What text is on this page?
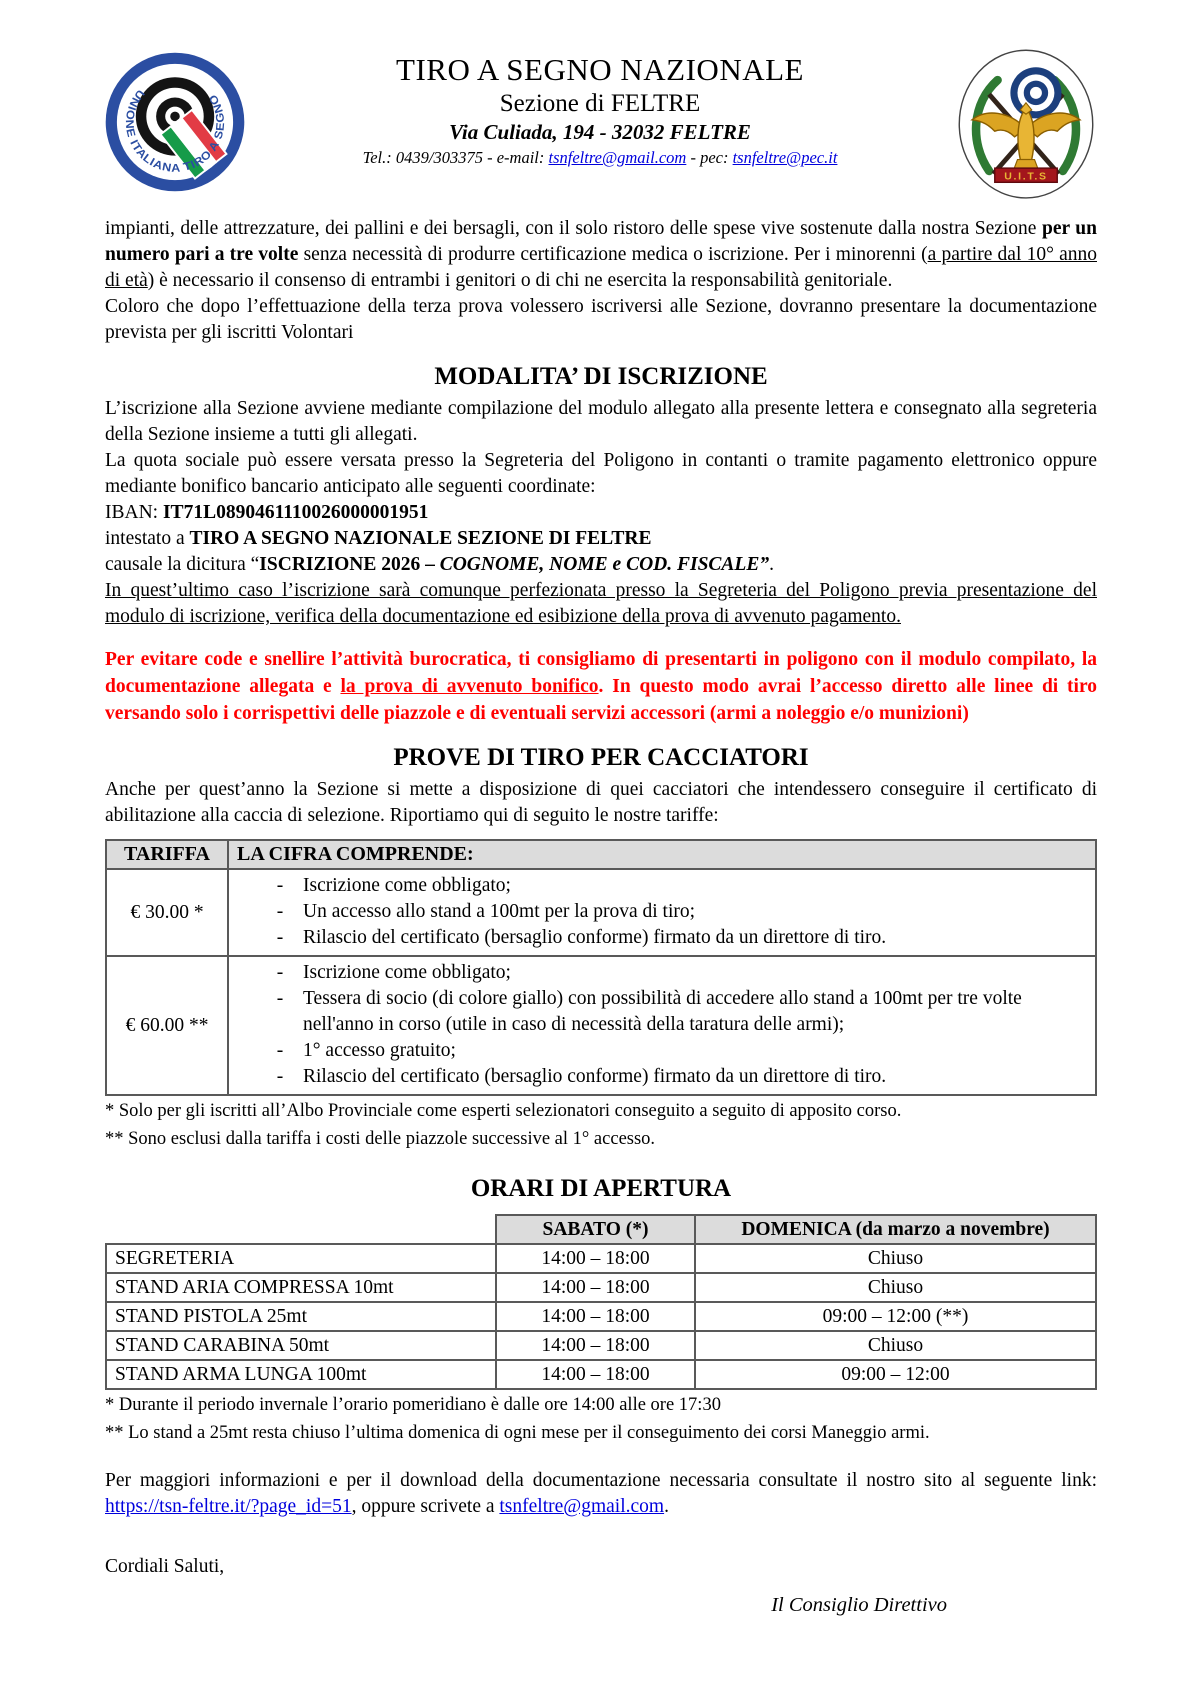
UNIONE ITALIANA TIRO A SEGNO
TIRO A SEGNO NAZIONALE
Sezione di FELTRE
Via Culiada, 194 - 32032 FELTRE
Tel.: 0439/303375 - e-mail: tsnfeltre@gmail.com - pec: tsnfeltre@pec.it
U.I.T.S

impianti, delle attrezzature, dei pallini e dei bersagli, con il solo ristoro delle spese vive sostenute dalla nostra Sezione per un numero pari a tre volte senza necessità di produrre certificazione medica o iscrizione. Per i minorenni (a partire dal 10° anno di età) è necessario il consenso di entrambi i genitori o di chi ne esercita la responsabilità genitoriale.

Coloro che dopo l’effettuazione della terza prova volessero iscriversi alle Sezione, dovranno presentare la documentazione prevista per gli iscritti Volontari

MODALITA’ DI ISCRIZIONE

L’iscrizione alla Sezione avviene mediante compilazione del modulo allegato alla presente lettera e consegnato alla segreteria della Sezione insieme a tutti gli allegati.

La quota sociale può essere versata presso la Segreteria del Poligono in contanti o tramite pagamento elettronico oppure mediante bonifico bancario anticipato alle seguenti coordinate:

IBAN: IT71L0890461110026000001951

intestato a TIRO A SEGNO NAZIONALE SEZIONE DI FELTRE

causale la dicitura “ISCRIZIONE 2026 – COGNOME, NOME e COD. FISCALE”.

In quest’ultimo caso l’iscrizione sarà comunque perfezionata presso la Segreteria del Poligono previa presentazione del modulo di iscrizione, verifica della documentazione ed esibizione della prova di avvenuto pagamento.

Per evitare code e snellire l’attività burocratica, ti consigliamo di presentarti in poligono con il modulo compilato, la documentazione allegata e la prova di avvenuto bonifico. In questo modo avrai l’accesso diretto alle linee di tiro versando solo i corrispettivi delle piazzole e di eventuali servizi accessori (armi a noleggio e/o munizioni)

PROVE DI TIRO PER CACCIATORI

Anche per quest’anno la Sezione si mette a disposizione di quei cacciatori che intendessero conseguire il certificato di abilitazione alla caccia di selezione. Riportiamo qui di seguito le nostre tariffe:

TARIFFA	LA CIFRA COMPRENDE:
€ 30.00 *	
- Iscrizione come obbligato;
- Un accesso allo stand a 100mt per la prova di tiro;
- Rilascio del certificato (bersaglio conforme) firmato da un direttore di tiro.

€ 60.00 **	
- Iscrizione come obbligato;
- Tessera di socio (di colore giallo) con possibilità di accedere allo stand a 100mt per tre volte nell'anno in corso (utile in caso di necessità della taratura delle armi);
- 1° accesso gratuito;
- Rilascio del certificato (bersaglio conforme) firmato da un direttore di tiro.
* Solo per gli iscritti all’Albo Provinciale come esperti selezionatori conseguito a seguito di apposito corso.
** Sono esclusi dalla tariffa i costi delle piazzole successive al 1° accesso.
ORARI DI APERTURA
	SABATO (*)	DOMENICA (da marzo a novembre)
SEGRETERIA	14:00 – 18:00	Chiuso
STAND ARIA COMPRESSA 10mt	14:00 – 18:00	Chiuso
STAND PISTOLA 25mt	14:00 – 18:00	09:00 – 12:00 (**)
STAND CARABINA 50mt	14:00 – 18:00	Chiuso
STAND ARMA LUNGA 100mt	14:00 – 18:00	09:00 – 12:00
* Durante il periodo invernale l’orario pomeridiano è dalle ore 14:00 alle ore 17:30
** Lo stand a 25mt resta chiuso l’ultima domenica di ogni mese per il conseguimento dei corsi Maneggio armi.

Per maggiori informazioni e per il download della documentazione necessaria consultate il nostro sito al seguente link: https://tsn-feltre.it/?page_id=51, oppure scrivete a tsnfeltre@gmail.com.

Cordiali Saluti,

Il Consiglio Direttivo
